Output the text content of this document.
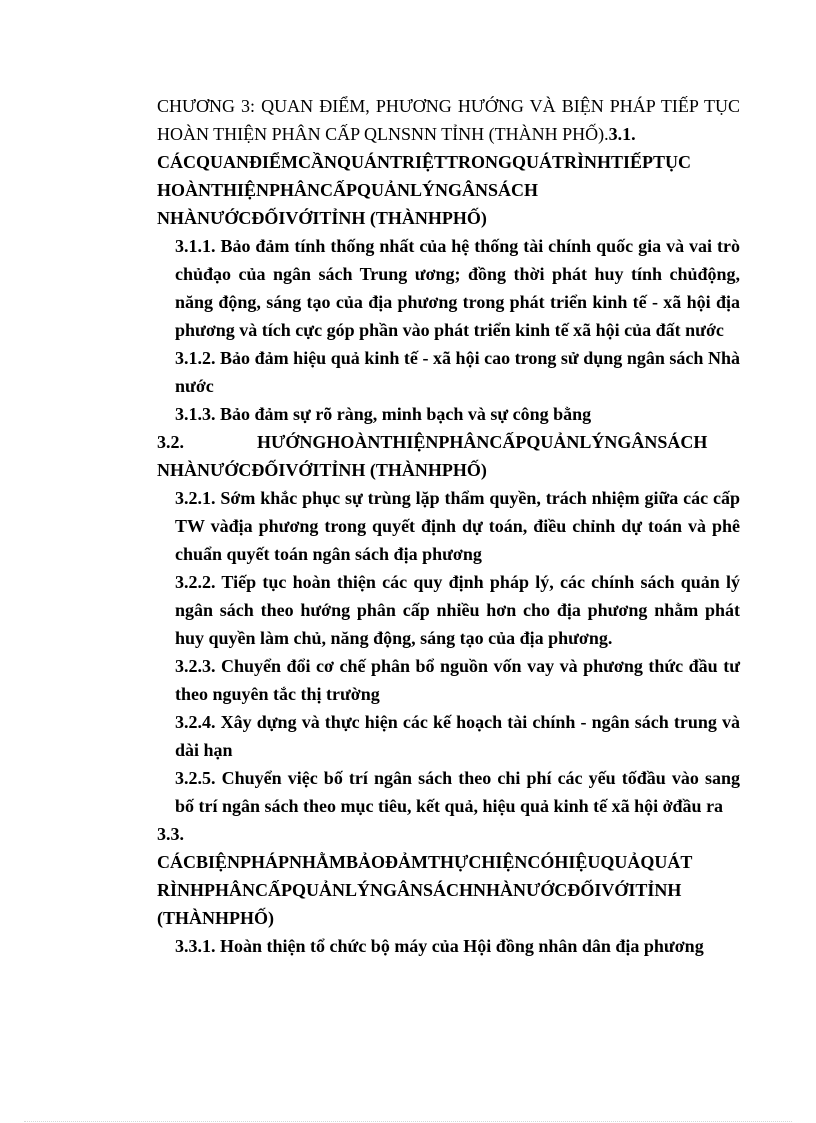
CHƯƠNG 3: QUAN ĐIỂM, PHƯƠNG HƯỚNG VÀ BIỆN PHÁP TIẾP TỤC HOÀN THIỆN PHÂN CẤP QLNSNN TỈNH (THÀNH PHỐ).3.1.

CÁCQUANĐIỂMCẦNQUÁNTRIỆTTRONGQUÁTRÌNHTIẾPTỤC
HOÀNTHIỆNPHÂNCẤPQUẢNLÝNGÂNSÁCH
NHÀNƯỚCĐỐIVỚITỈNH (THÀNHPHỐ)

3.1.1. Bảo đảm tính thống nhất của hệ thống tài chính quốc gia và vai trò chủđạo của ngân sách Trung ương; đồng thời phát huy tính chủđộng, năng động, sáng tạo của địa phương trong phát triển kinh tế - xã hội địa phương và tích cực góp phần vào phát triển kinh tế xã hội của đất nước

3.1.2. Bảo đảm hiệu quả kinh tế - xã hội cao trong sử dụng ngân sách Nhà nước

3.1.3. Bảo đảm sự rõ ràng, minh bạch và sự công bằng

3.2.	HƯỚNGHOÀNTHIỆNPHÂNCẤPQUẢNLÝNGÂNSÁCH
NHÀNƯỚCĐỐIVỚITỈNH (THÀNHPHỐ)

3.2.1. Sớm khắc phục sự trùng lặp thẩm quyền, trách nhiệm giữa các cấp TW vàđịa phương trong quyết định dự toán, điều chỉnh dự toán và phê chuẩn quyết toán ngân sách địa phương

3.2.2. Tiếp tục hoàn thiện các quy định pháp lý, các chính sách quản lý ngân sách theo hướng phân cấp nhiều hơn cho địa phương nhằm phát huy quyền làm chủ, năng động, sáng tạo của địa phương.

3.2.3. Chuyển đổi cơ chế phân bổ nguồn vốn vay và phương thức đầu tư theo nguyên tắc thị trường

3.2.4. Xây dựng và thực hiện các kế hoạch tài chính - ngân sách trung và dài hạn

3.2.5. Chuyển việc bố trí ngân sách theo chi phí các yếu tốđầu vào sang bố trí ngân sách theo mục tiêu, kết quả, hiệu quả kinh tế xã hội ởđầu ra

3.3.
CÁCBIỆNPHÁPNHẰMBẢOĐẢMTHỰCHIỆNCÓHIỆUQUẢQUÁT
RÌNHPHÂNCẤPQUẢNLÝNGÂNSÁCHNHÀNƯỚCĐỐIVỚITỈNH
(THÀNHPHỐ)

3.3.1. Hoàn thiện tổ chức bộ máy của Hội đồng nhân dân địa phương
